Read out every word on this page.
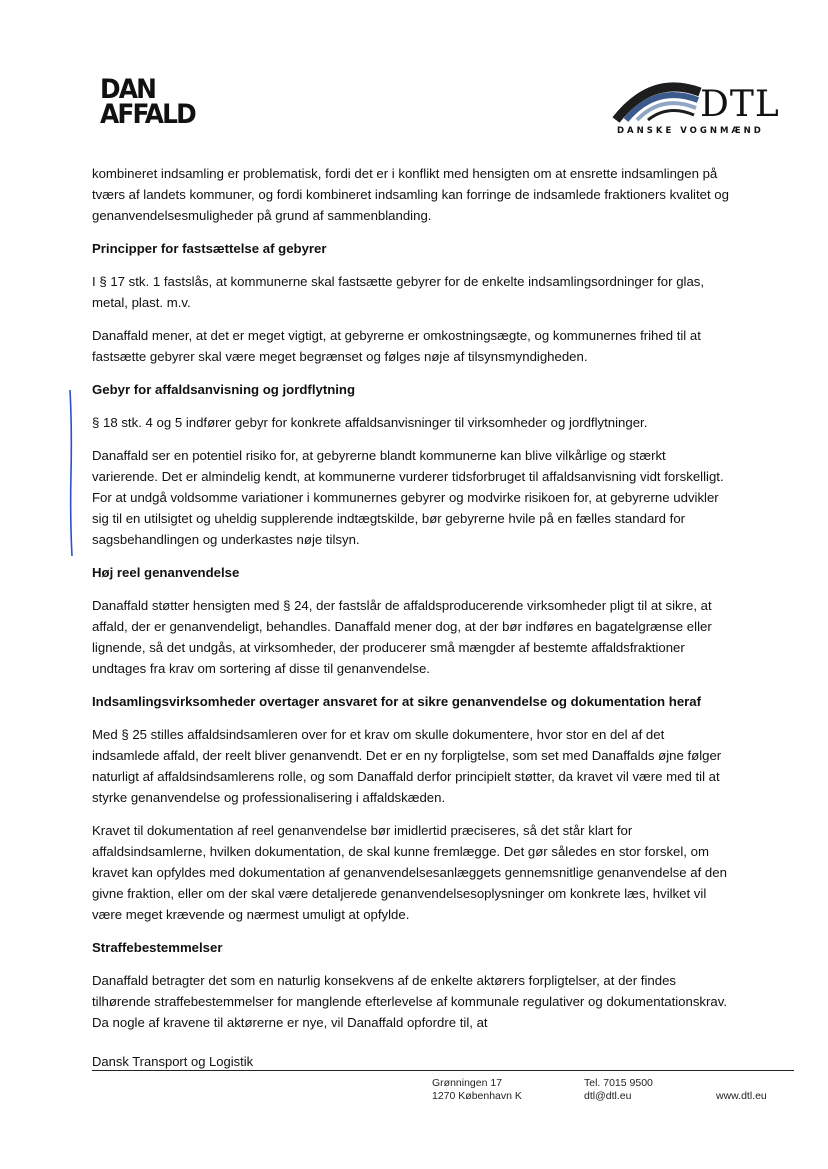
DAN
AFFALD	DTL
DANSKE VOGNMÆND

kombineret indsamling er problematisk, fordi det er i konflikt med hensigten om at ensrette indsamlingen på tværs af landets kommuner, og fordi kombineret indsamling kan forringe de indsamlede fraktioners kvalitet og genanvendelsesmuligheder på grund af sammenblanding.

Principper for fastsættelse af gebyrer

I § 17 stk. 1 fastslås, at kommunerne skal fastsætte gebyrer for de enkelte indsamlingsordninger for glas, metal, plast. m.v.

Danaffald mener, at det er meget vigtigt, at gebyrerne er omkostningsægte, og kommunernes frihed til at fastsætte gebyrer skal være meget begrænset og følges nøje af tilsynsmyndigheden.

Gebyr for affaldsanvisning og jordflytning

§ 18 stk. 4 og 5 indfører gebyr for konkrete affaldsanvisninger til virksomheder og jordflytninger.

Danaffald ser en potentiel risiko for, at gebyrerne blandt kommunerne kan blive vilkårlige og stærkt varierende. Det er almindelig kendt, at kommunerne vurderer tidsforbruget til affaldsanvisning vidt forskelligt. For at undgå voldsomme variationer i kommunernes gebyrer og modvirke risikoen for, at gebyrerne udvikler sig til en utilsigtet og uheldig supplerende indtægtskilde, bør gebyrerne hvile på en fælles standard for sagsbehandlingen og underkastes nøje tilsyn.

Høj reel genanvendelse

Danaffald støtter hensigten med § 24, der fastslår de affaldsproducerende virksomheder pligt til at sikre, at affald, der er genanvendeligt, behandles. Danaffald mener dog, at der bør indføres en bagatelgrænse eller lignende, så det undgås, at virksomheder, der producerer små mængder af bestemte affaldsfraktioner undtages fra krav om sortering af disse til genanvendelse.

Indsamlingsvirksomheder overtager ansvaret for at sikre genanvendelse og dokumentation heraf

Med § 25 stilles affaldsindsamleren over for et krav om skulle dokumentere, hvor stor en del af det indsamlede affald, der reelt bliver genanvendt. Det er en ny forpligtelse, som set med Danaffalds øjne følger naturligt af affaldsindsamlerens rolle, og som Danaffald derfor principielt støtter, da kravet vil være med til at styrke genanvendelse og professionalisering i affaldskæden.

Kravet til dokumentation af reel genanvendelse bør imidlertid præciseres, så det står klart for affaldsindsamlerne, hvilken dokumentation, de skal kunne fremlægge. Det gør således en stor forskel, om kravet kan opfyldes med dokumentation af genanvendelsesanlæggets gennemsnitlige genanvendelse af den givne fraktion, eller om der skal være detaljerede genanvendelsesoplysninger om konkrete læs, hvilket vil være meget krævende og nærmest umuligt at opfylde.

Straffebestemmelser

Danaffald betragter det som en naturlig konsekvens af de enkelte aktørers forpligtelser, at der findes tilhørende straffebestemmelser for manglende efterlevelse af kommunale regulativer og dokumentationskrav. Da nogle af kravene til aktørerne er nye, vil Danaffald opfordre til, at

Dansk Transport og Logistik
Grønningen 17
1270 København K
Tel. 7015 9500
dtl@dtl.eu	www.dtl.eu
